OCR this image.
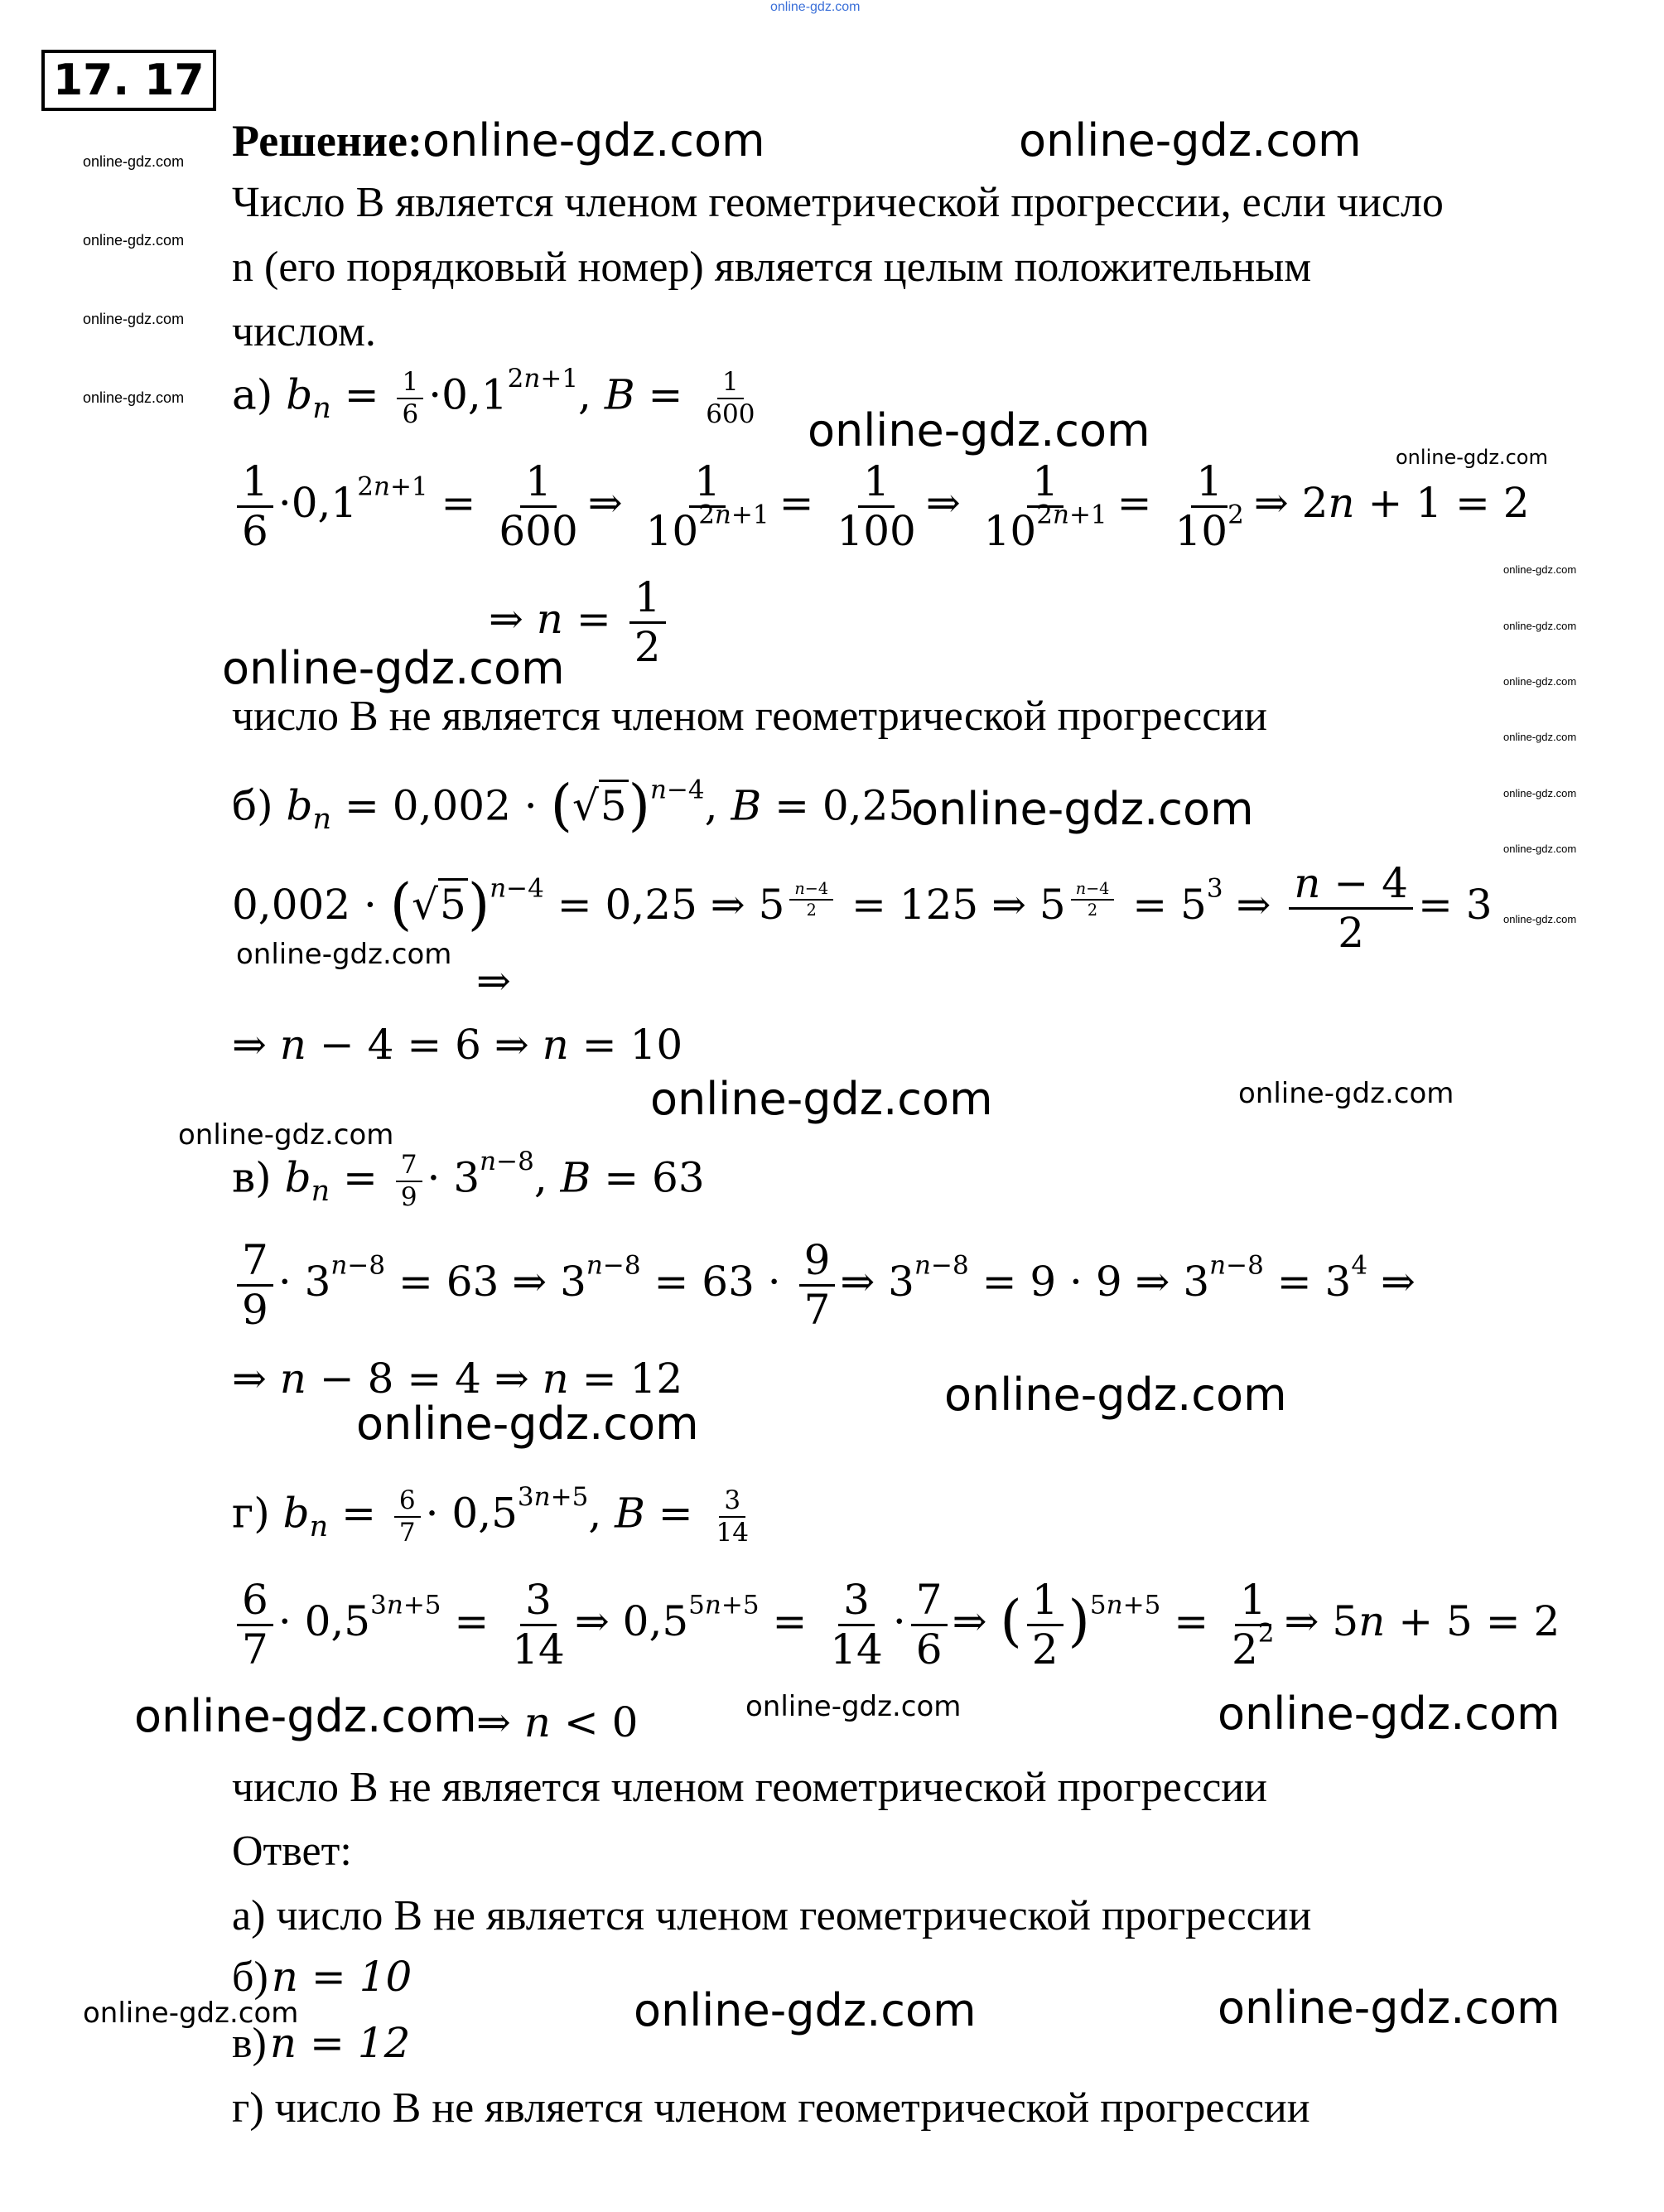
online-gdz.com
17. 17
Решение:online-gdz.com
Число B является членом геометрической прогрессии, если число
n (его порядковый номер) является целым положительным
числом.
а) $b_n = \frac{1}{6} \cdot 0,1^{2n+1}$, $B = \frac{1}{600}$
$\frac{1}{6} \cdot 0,1^{2n+1} = \frac{1}{600}$ ⇒ $\frac{1}{10^{2n+1}} = \frac{1}{100}$ ⇒ $\frac{1}{10^{2n+1}} = \frac{1}{10^2}$ ⇒ 2n + 1 = 2
⇒ $n = \frac{1}{2}$
число B не является членом геометрической прогрессии
б) $b_n = 0,002 \cdot (√5)^{n-4}$, B = 0,25
$0,002 \cdot (√5)^{n-4} = 0,25$ ⇒ 5 $^{\frac{n-4}{2}}$ = 125 ⇒ 5 $^{\frac{n-4}{2}} = 5^3$ ⇒ $\frac{n - 4}{2} = 3$
⇒
⇒ n − 4 = 6 ⇒ n = 10
в) $b_n = \frac{7}{9} \cdot 3^{n-8}$, B = 63
$\frac{7}{9} \cdot 3^{n-8} = 63$ ⇒ $3^{n-8} = 63 \cdot \frac{9}{7}$ ⇒ $3^{n-8} = 9 \cdot 9$ ⇒ $3^{n-8} = 3^4$ ⇒
⇒ n − 8 = 4 ⇒ n = 12
г) $b_n = \frac{6}{7} \cdot 0,5^{3n+5}$, $B = \frac{3}{14}$
$\frac{6}{7} \cdot 0,5^{3n+5} = \frac{3}{14}$ ⇒ $0,5^{5n+5} = \frac{3}{14} \cdot \frac{7}{6}$ ⇒ ( $\frac{1}{2} )^{5n+5} = \frac{1}{2^2}$ ⇒ 5n + 5 = 2
⇒ n < 0
число B не является членом геометрической прогрессии
Ответ:
а) число B не является членом геометрической прогрессии
б) n = 10
в) n = 12
г) число B не является членом геометрической прогрессии
online-gdz.com
online-gdz.com
online-gdz.com
online-gdz.com
online-gdz.com
online-gdz.com
online-gdz.com
online-gdz.com	online-gdz.com
online-gdz.com	online-gdz.com
online-gdz.com
online-gdz.com
online-gdz.com
online-gdz.com
online-gdz.com
online-gdz.com
online-gdz.com
online-gdz.com
online-gdz.com
online-gdz.com
online-gdz.com
online-gdz.com
online-gdz.com
online-gdz.com
online-gdz.com
online-gdz.com
online-gdz.com
